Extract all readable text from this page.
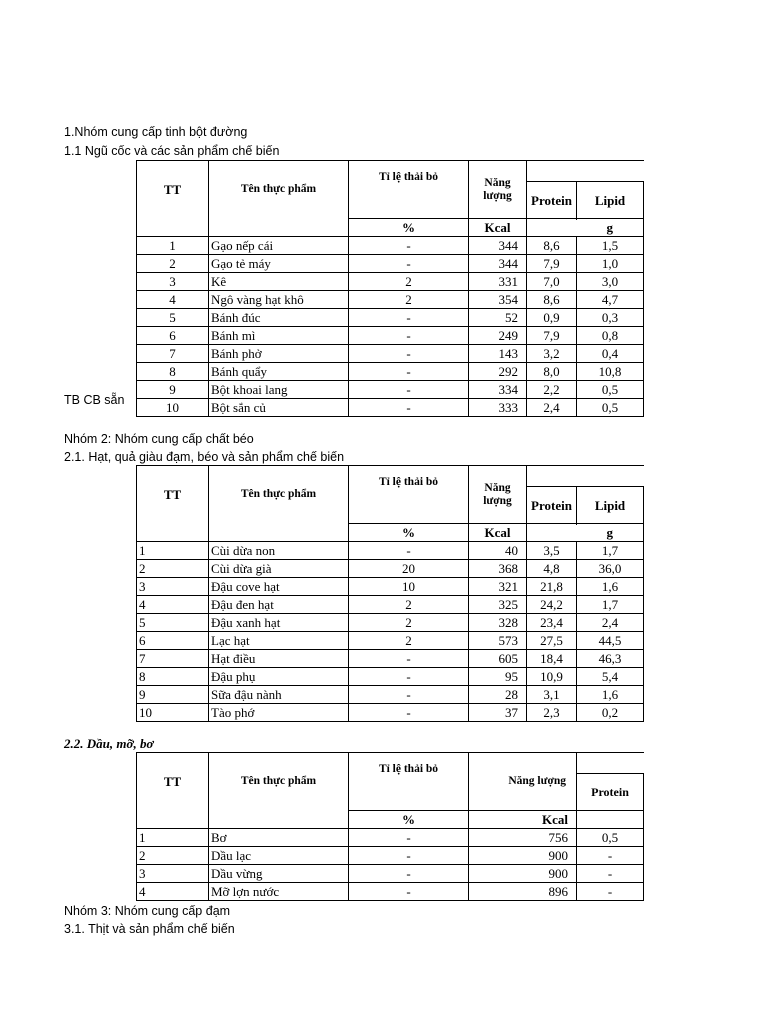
1.Nhóm cung cấp tinh bột đường
1.1 Ngũ cốc và các sản phẩm chế biến
TB CB sẵn
Nhóm 2: Nhóm cung cấp chất béo
2.1. Hạt, quả giàu đạm, béo và sản phẩm chế biến
2.2. Dầu, mỡ, bơ
Nhóm 3: Nhóm cung cấp đạm
3.1. Thịt và sản phẩm chế biến
TT	Tên thực phẩm	Tỉ lệ thải bỏ	Năng lượng		
				Protein	Lipid

		%	Kcal		g
1	Gạo nếp cái	-	344	8,6	1,5
2	Gạo tẻ máy	-	344	7,9	1,0
3	Kê	2	331	7,0	3,0
4	Ngô vàng hạt khô	2	354	8,6	4,7
5	Bánh đúc	-	52	0,9	0,3
6	Bánh mì	-	249	7,9	0,8
7	Bánh phở	-	143	3,2	0,4
8	Bánh quẩy	-	292	8,0	10,8
9	Bột khoai lang	-	334	2,2	0,5
10	Bột sắn củ	-	333	2,4	0,5
TT	Tên thực phẩm	Tỉ lệ thải bỏ	Năng lượng		
				Protein	Lipid

		%	Kcal		g
1	Cùi dừa non	-	40	3,5	1,7
2	Cùi dừa già	20	368	4,8	36,0
3	Đậu cove hạt	10	321	21,8	1,6
4	Đậu đen hạt	2	325	24,2	1,7
5	Đậu xanh hạt	2	328	23,4	2,4
6	Lạc hạt	2	573	27,5	44,5
7	Hạt điều	-	605	18,4	46,3
8	Đậu phụ	-	95	10,9	5,4
9	Sữa đậu nành	-	28	3,1	1,6
10	Tào phớ	-	37	2,3	0,2
TT	Tên thực phẩm	Tỉ lệ thải bỏ	Năng lượng	
				Protein

		%	Kcal	
1	Bơ	-	756	0,5
2	Dầu lạc	-	900	-
3	Dầu vừng	-	900	-
4	Mỡ lợn nước	-	896	-
